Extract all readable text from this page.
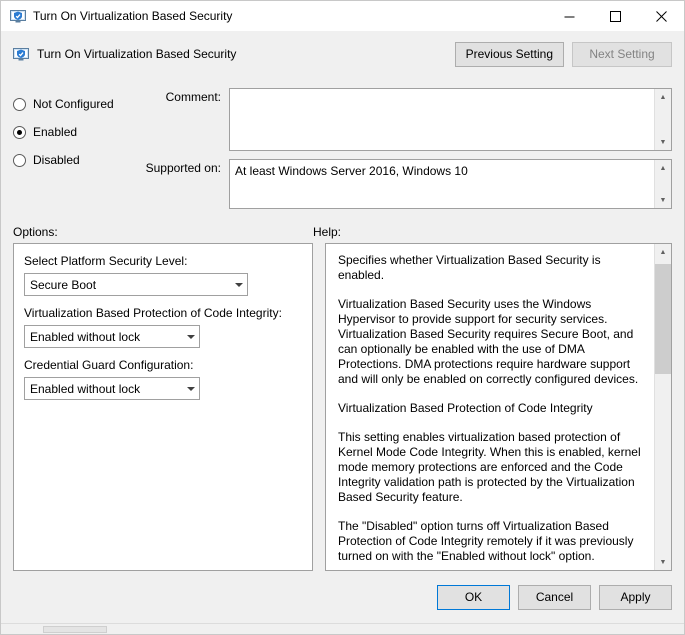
Turn On Virtualization Based Security
Turn On Virtualization Based Security	Previous Setting	Next Setting
Not Configured
Enabled
Disabled
Comment:	▲
▼
Supported on:	At least Windows Server 2016, Windows 10	▲
▼
Options:	Help:
Select Platform Security Level:
Secure Boot
Virtualization Based Protection of Code Integrity:
Enabled without lock
Credential Guard Configuration:
Enabled without lock

Specifies whether Virtualization Based Security is enabled.

Virtualization Based Security uses the Windows Hypervisor to provide support for security services. Virtualization Based Security requires Secure Boot, and can optionally be enabled with the use of DMA Protections. DMA protections require hardware support and will only be enabled on correctly configured devices.

Virtualization Based Protection of Code Integrity

This setting enables virtualization based protection of Kernel Mode Code Integrity. When this is enabled, kernel mode memory protections are enforced and the Code Integrity validation path is protected by the Virtualization Based Security feature.

The "Disabled" option turns off Virtualization Based Protection of Code Integrity remotely if it was previously turned on with the "Enabled without lock" option.

▲
▼
OK	Cancel	Apply
